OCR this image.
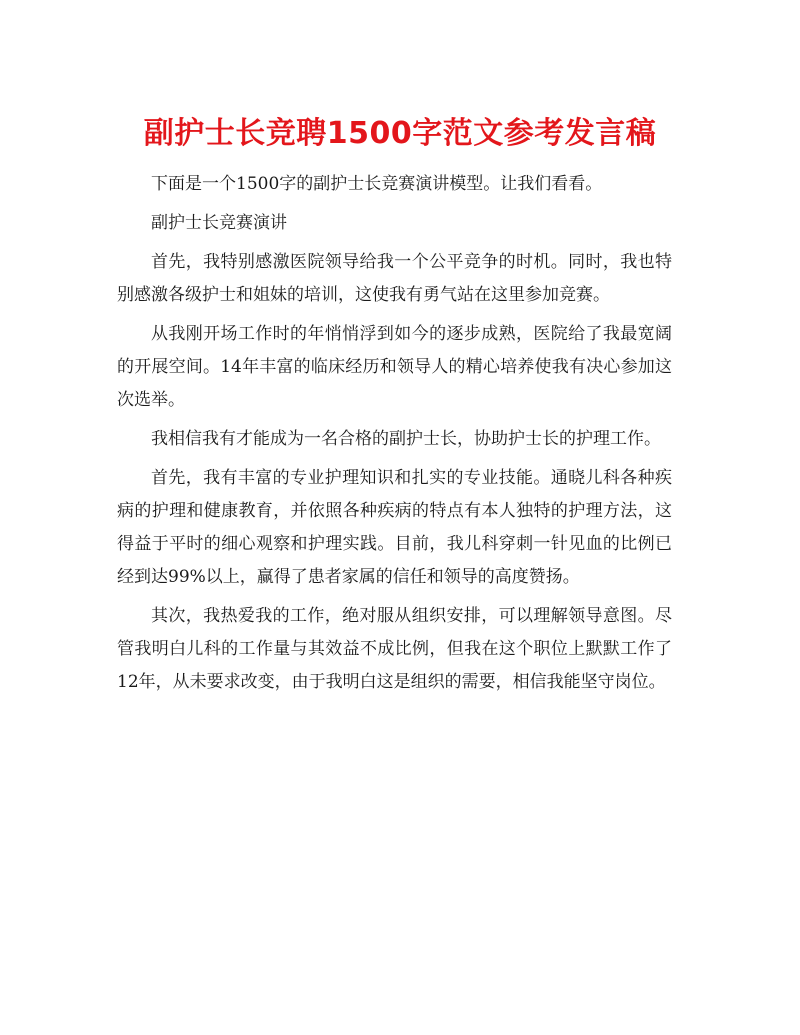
副护士长竞聘1500字范文参考发言稿

下面是一个1500字的副护士长竞赛演讲模型。让我们看看。

副护士长竞赛演讲

首先，我特别感激医院领导给我一个公平竞争的时机。同时，我也特别感激各级护士和姐妹的培训，这使我有勇气站在这里参加竞赛。

从我刚开场工作时的年悄悄浮到如今的逐步成熟，医院给了我最宽阔的开展空间。14年丰富的临床经历和领导人的精心培养使我有决心参加这次选举。

我相信我有才能成为一名合格的副护士长，协助护士长的护理工作。

首先，我有丰富的专业护理知识和扎实的专业技能。通晓儿科各种疾病的护理和健康教育，并依照各种疾病的特点有本人独特的护理方法，这得益于平时的细心观察和护理实践。目前，我儿科穿刺一针见血的比例已经到达99%以上，赢得了患者家属的信任和领导的高度赞扬。

其次，我热爱我的工作，绝对服从组织安排，可以理解领导意图。尽管我明白儿科的工作量与其效益不成比例，但我在这个职位上默默工作了12年，从未要求改变，由于我明白这是组织的需要，相信我能坚守岗位。
